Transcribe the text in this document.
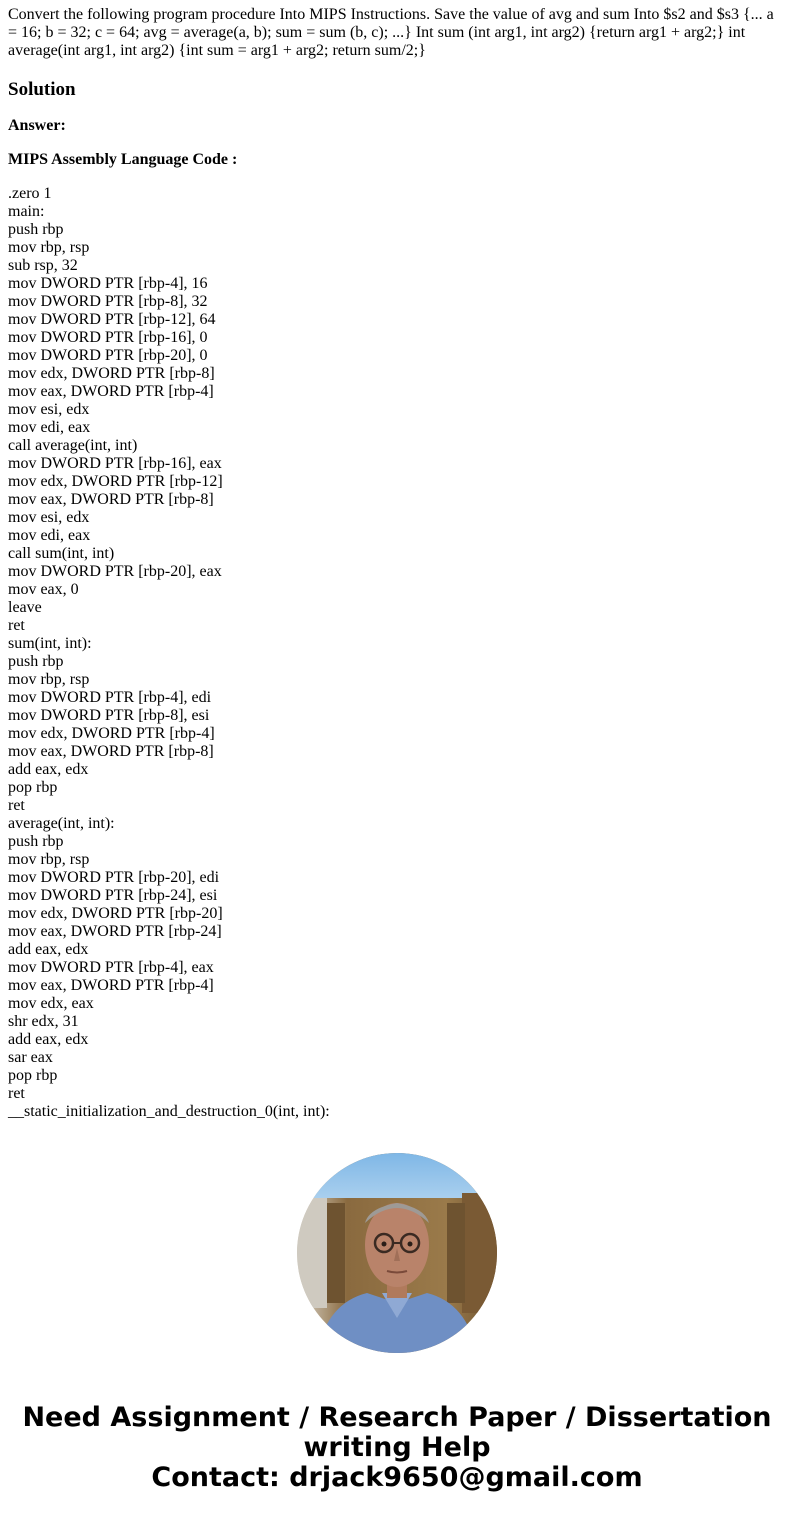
Convert the following program procedure Into MIPS Instructions. Save the value of avg and sum Into $s2 and $s3 {... a = 16; b = 32; c = 64; avg = average(a, b); sum = sum (b, c); ...} Int sum (int arg1, int arg2) {return arg1 + arg2;} int average(int arg1, int arg2) {int sum = arg1 + arg2; return sum/2;}

Solution
Answer:
MIPS Assembly Language Code :
.zero 1
main:
push rbp
mov rbp, rsp
sub rsp, 32
mov DWORD PTR [rbp-4], 16
mov DWORD PTR [rbp-8], 32
mov DWORD PTR [rbp-12], 64
mov DWORD PTR [rbp-16], 0
mov DWORD PTR [rbp-20], 0
mov edx, DWORD PTR [rbp-8]
mov eax, DWORD PTR [rbp-4]
mov esi, edx
mov edi, eax
call average(int, int)
mov DWORD PTR [rbp-16], eax
mov edx, DWORD PTR [rbp-12]
mov eax, DWORD PTR [rbp-8]
mov esi, edx
mov edi, eax
call sum(int, int)
mov DWORD PTR [rbp-20], eax
mov eax, 0
leave
ret
sum(int, int):
push rbp
mov rbp, rsp
mov DWORD PTR [rbp-4], edi
mov DWORD PTR [rbp-8], esi
mov edx, DWORD PTR [rbp-4]
mov eax, DWORD PTR [rbp-8]
add eax, edx
pop rbp
ret
average(int, int):
push rbp
mov rbp, rsp
mov DWORD PTR [rbp-20], edi
mov DWORD PTR [rbp-24], esi
mov edx, DWORD PTR [rbp-20]
mov eax, DWORD PTR [rbp-24]
add eax, edx
mov DWORD PTR [rbp-4], eax
mov eax, DWORD PTR [rbp-4]
mov edx, eax
shr edx, 31
add eax, edx
sar eax
pop rbp
ret
__static_initialization_and_destruction_0(int, int):
Need Assignment / Research Paper / Dissertation
writing Help
Contact: drjack9650@gmail.com
